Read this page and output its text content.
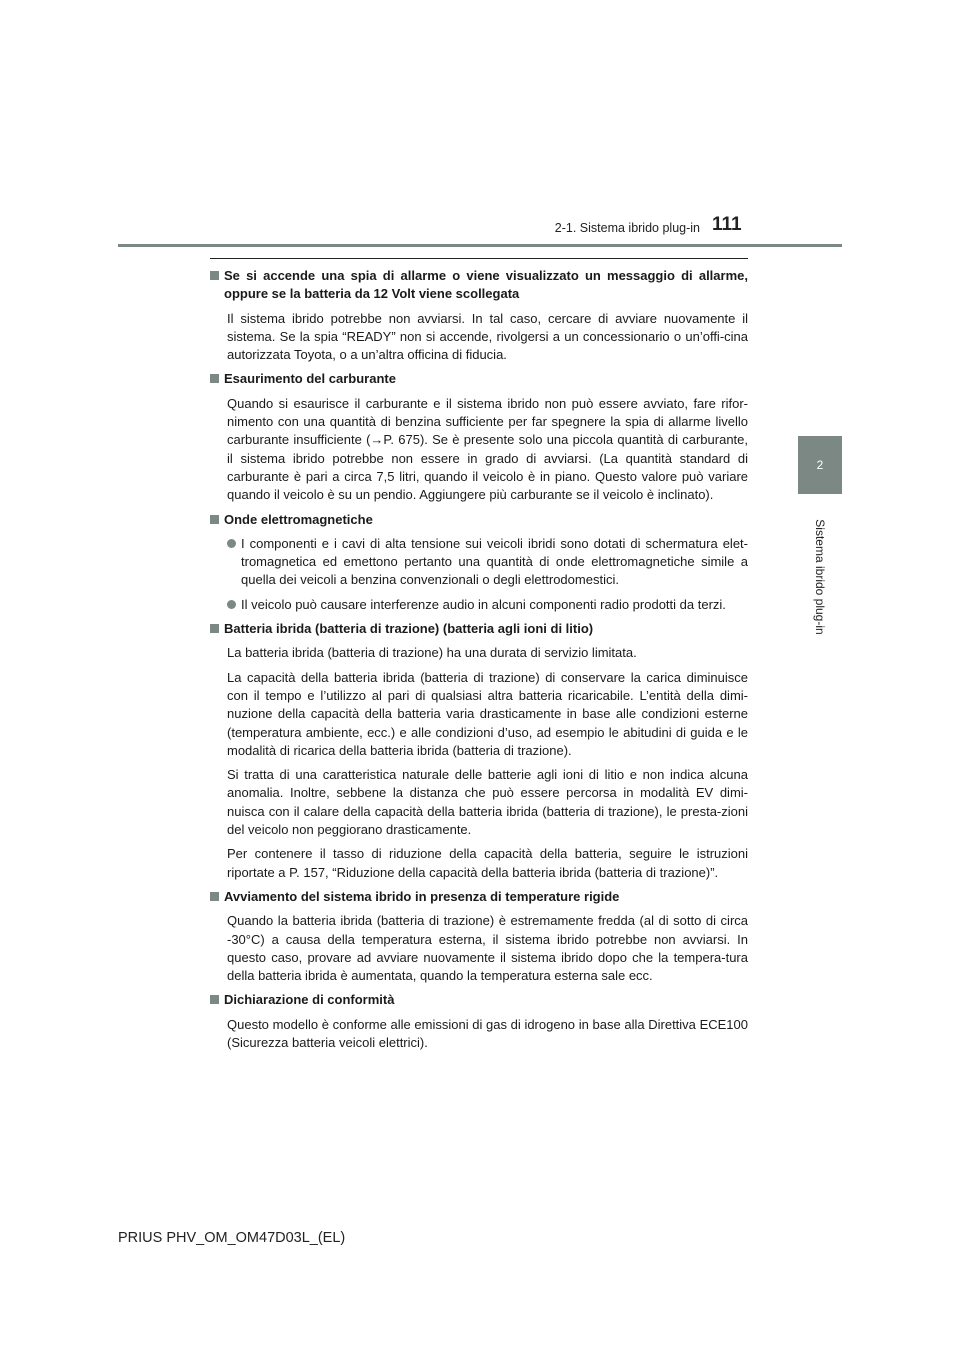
2-1. Sistema ibrido plug-in 111
2
Sistema ibrido plug-in
Se si accende una spia di allarme o viene visualizzato un messaggio di allarme, oppure se la batteria da 12 Volt viene scollegata

Il sistema ibrido potrebbe non avviarsi. In tal caso, cercare di avviare nuovamente il sistema. Se la spia “READY” non si accende, rivolgersi a un concessionario o un’offi-cina autorizzata Toyota, o a un’altra officina di fiducia.

Esaurimento del carburante

Quando si esaurisce il carburante e il sistema ibrido non può essere avviato, fare rifor-nimento con una quantità di benzina sufficiente per far spegnere la spia di allarme livello carburante insufficiente (→P. 675). Se è presente solo una piccola quantità di carburante, il sistema ibrido potrebbe non essere in grado di avviarsi. (La quantità standard di carburante è pari a circa 7,5 litri, quando il veicolo è in piano. Questo valore può variare quando il veicolo è su un pendio. Aggiungere più carburante se il veicolo è inclinato).

Onde elettromagnetiche
I componenti e i cavi di alta tensione sui veicoli ibridi sono dotati di schermatura elet-tromagnetica ed emettono pertanto una quantità di onde elettromagnetiche simile a quella dei veicoli a benzina convenzionali o degli elettrodomestici.
Il veicolo può causare interferenze audio in alcuni componenti radio prodotti da terzi.
Batteria ibrida (batteria di trazione) (batteria agli ioni di litio)

La batteria ibrida (batteria di trazione) ha una durata di servizio limitata.

La capacità della batteria ibrida (batteria di trazione) di conservare la carica diminuisce con il tempo e l’utilizzo al pari di qualsiasi altra batteria ricaricabile. L’entità della dimi-nuzione della capacità della batteria varia drasticamente in base alle condizioni esterne (temperatura ambiente, ecc.) e alle condizioni d’uso, ad esempio le abitudini di guida e le modalità di ricarica della batteria ibrida (batteria di trazione).

Si tratta di una caratteristica naturale delle batterie agli ioni di litio e non indica alcuna anomalia. Inoltre, sebbene la distanza che può essere percorsa in modalità EV dimi-nuisca con il calare della capacità della batteria ibrida (batteria di trazione), le presta-zioni del veicolo non peggiorano drasticamente.

Per contenere il tasso di riduzione della capacità della batteria, seguire le istruzioni riportate a P. 157, “Riduzione della capacità della batteria ibrida (batteria di trazione)”.

Avviamento del sistema ibrido in presenza di temperature rigide

Quando la batteria ibrida (batteria di trazione) è estremamente fredda (al di sotto di circa -30°C) a causa della temperatura esterna, il sistema ibrido potrebbe non avviarsi. In questo caso, provare ad avviare nuovamente il sistema ibrido dopo che la tempera-tura della batteria ibrida è aumentata, quando la temperatura esterna sale ecc.

Dichiarazione di conformità

Questo modello è conforme alle emissioni di gas di idrogeno in base alla Direttiva ECE100 (Sicurezza batteria veicoli elettrici).

PRIUS PHV_OM_OM47D03L_(EL)
